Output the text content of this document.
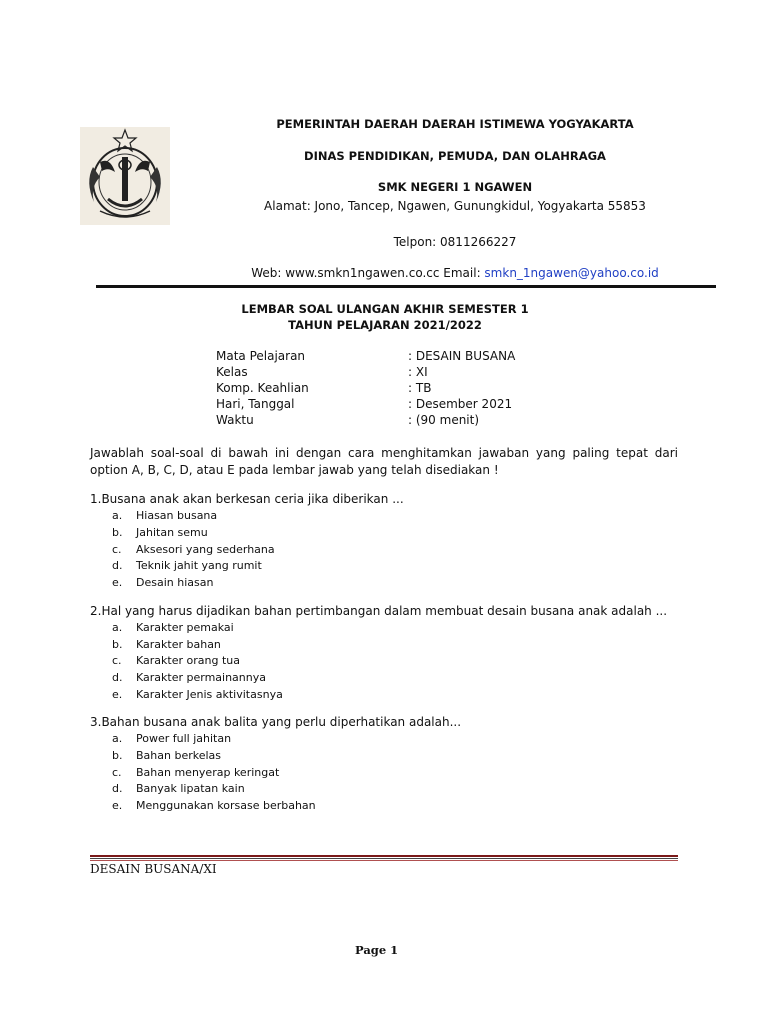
PEMERINTAH DAERAH DAERAH ISTIMEWA YOGYAKARTA
DINAS PENDIDIKAN, PEMUDA, DAN OLAHRAGA
SMK NEGERI 1 NGAWEN
Alamat: Jono, Tancep, Ngawen, Gunungkidul, Yogyakarta 55853
Telpon: 0811266227
Web: www.smkn1ngawen.co.cc Email: smkn_1ngawen@yahoo.co.id
LEMBAR SOAL ULANGAN AKHIR SEMESTER 1
TAHUN PELAJARAN 2021/2022
Mata Pelajaran	: DESAIN BUSANA
Kelas	: XI
Komp. Keahlian	: TB
Hari, Tanggal	: Desember 2021
Waktu	: (90 menit)
Jawablah soal-soal di bawah ini dengan cara menghitamkan jawaban yang paling tepat dari option A, B, C, D, atau E pada lembar jawab yang telah disediakan !
1.Busana anak akan berkesan ceria jika diberikan ...
a. Hiasan busana
b. Jahitan semu
c. Aksesori yang sederhana
d. Teknik jahit yang rumit
e. Desain hiasan
2.Hal yang harus dijadikan bahan pertimbangan dalam membuat desain busana anak adalah ...
a. Karakter pemakai
b. Karakter bahan
c. Karakter orang tua
d. Karakter permainannya
e. Karakter Jenis aktivitasnya
3.Bahan busana anak balita yang perlu diperhatikan adalah...
a. Power full jahitan
b. Bahan berkelas
c. Bahan menyerap keringat
d. Banyak lipatan kain
e. Menggunakan korsase berbahan
DESAIN BUSANA/XI
Page 1
